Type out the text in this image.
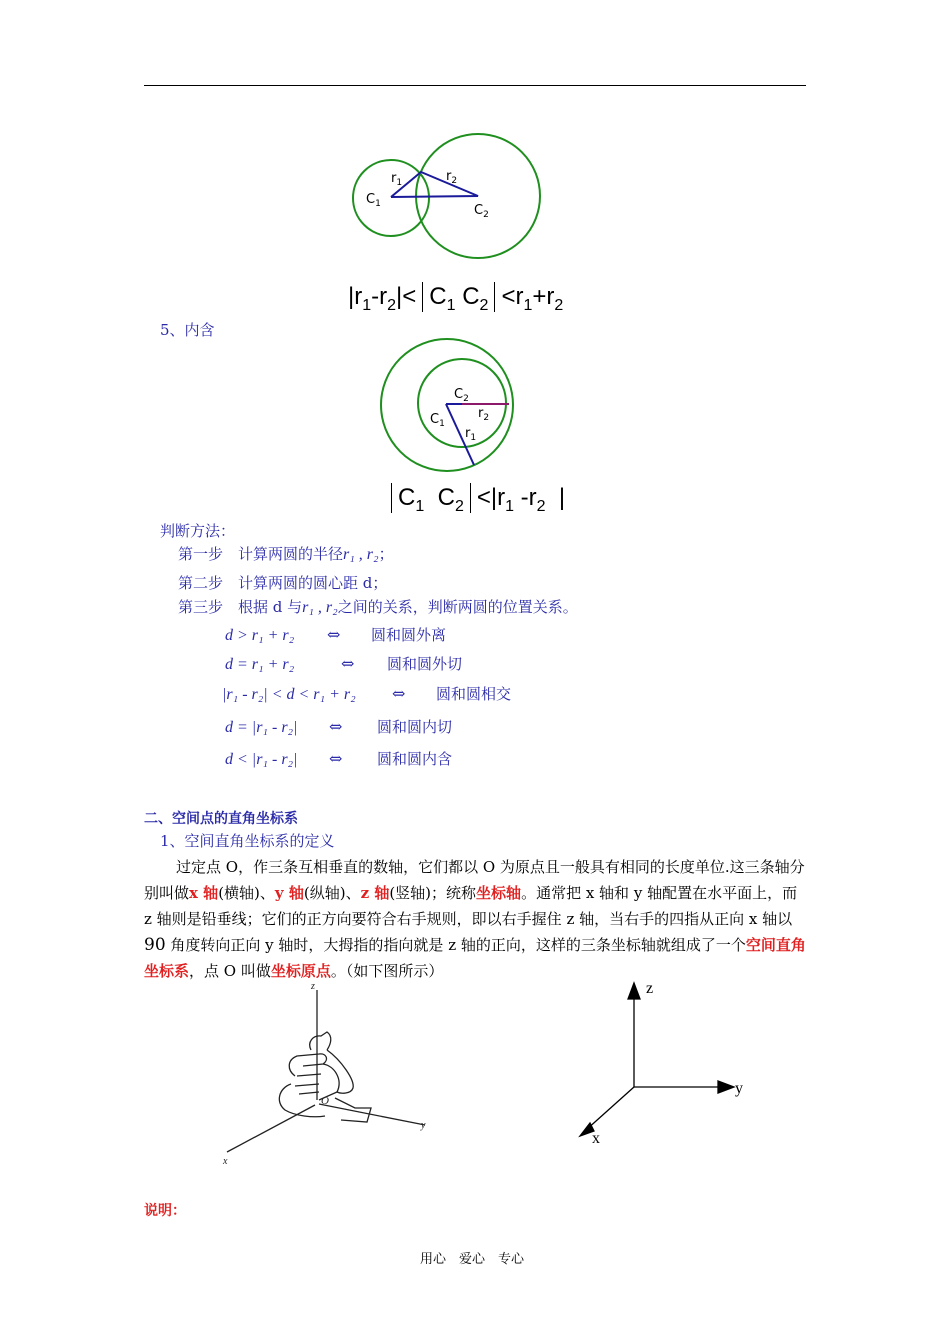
$r_1$	$r_2$
$C_1$	$C_2$
$|r_1-r_2|< C_1$ $C_2 <r_1+r_2$
5、内含
$C_2$
$C_1$
$r_2$
$r_1$
$C_1$ $C_2 <|r_1$ $-r_2$ |
判断方法：
第一步　计算两圆的半径r₁ , r₂；
第二步　计算两圆的圆心距 d；
第三步　根据 d 与r₁ , r₂之间的关系，判断两圆的位置关系。
d > r₁ + r₂ ⇔ 圆和圆外离
d = r₁ + r₂	⇔ 圆和圆外切
|r₁ - r₂| < d < r₁ + r₂ ⇔ 圆和圆相交
d = |r₁ - r₂| ⇔ 圆和圆内切
d < |r₁ - r₂| ⇔ 圆和圆内含
二、空间点的直角坐标系
1、空间直角坐标系的定义
过定点 O，作三条互相垂直的数轴，它们都以 O 为原点且一般具有相同的长度单位.这三条轴分别叫做x 轴(横轴)、y 轴(纵轴)、z 轴(竖轴)；统称坐标轴。通常把 x 轴和 y 轴配置在水平面上，而 z 轴则是铅垂线；它们的正方向要符合右手规则，即以右手握住 z 轴，当右手的四指从正向 x 轴以90 角度转向正向 y 轴时，大拇指的指向就是 z 轴的正向，这样的三条坐标轴就组成了一个空间直角坐标系，点 O 叫做坐标原点。（如下图所示）
z
y
x
O
z
y
x
说明：
用心　爱心　专心
